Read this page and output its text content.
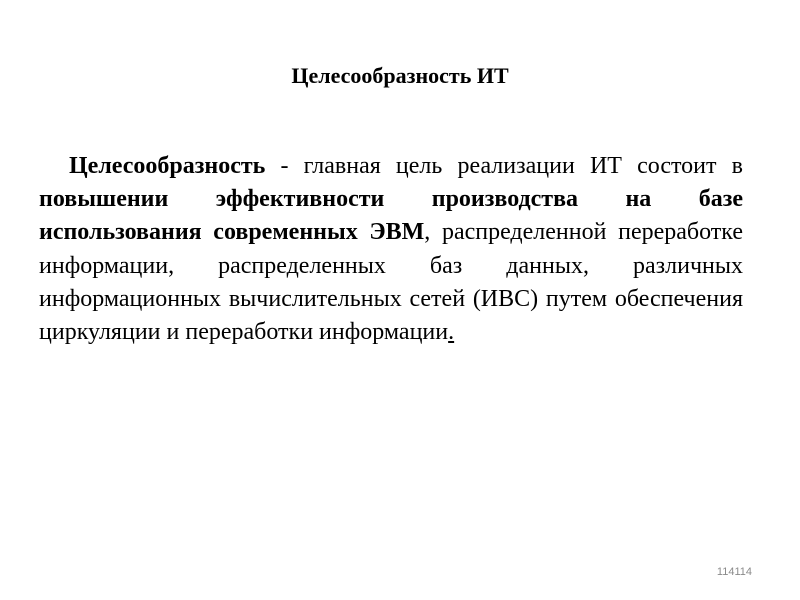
Целесообразность ИТ

Целесообразность - главная цель реализации ИТ состоит в повышении эффективности производства на базе использования современных ЭВМ, распределенной переработке информации, распределенных баз данных, различных информационных вычислительных сетей (ИВС) путем обеспечения циркуляции и переработки информации.

114114
